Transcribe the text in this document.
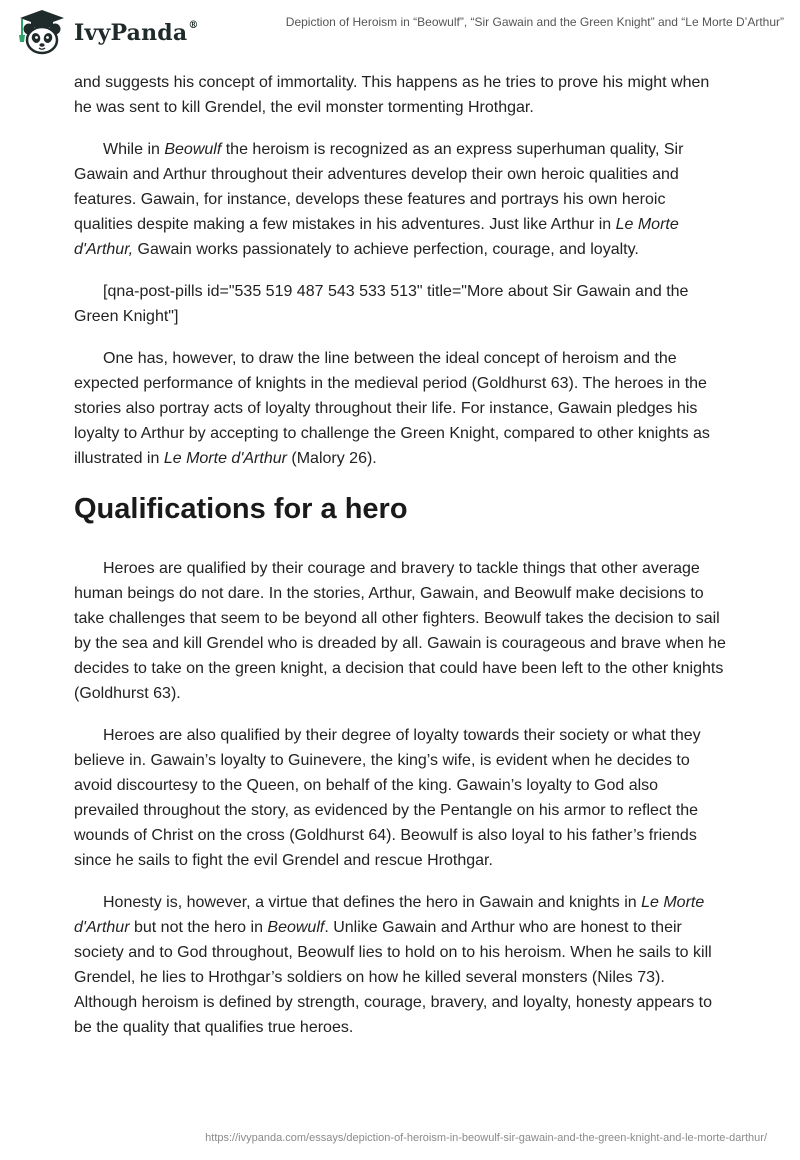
IvyPanda®	Depiction of Heroism in “Beowulf”, “Sir Gawain and the Green Knight” and “Le Morte D’Arthur”

and suggests his concept of immortality. This happens as he tries to prove his might when he was sent to kill Grendel, the evil monster tormenting Hrothgar.

While in Beowulf the heroism is recognized as an express superhuman quality, Sir Gawain and Arthur throughout their adventures develop their own heroic qualities and features. Gawain, for instance, develops these features and portrays his own heroic qualities despite making a few mistakes in his adventures. Just like Arthur in Le Morte d'Arthur, Gawain works passionately to achieve perfection, courage, and loyalty.

[qna-post-pills id="535 519 487 543 533 513" title="More about Sir Gawain and the Green Knight"]

One has, however, to draw the line between the ideal concept of heroism and the expected performance of knights in the medieval period (Goldhurst 63). The heroes in the stories also portray acts of loyalty throughout their life. For instance, Gawain pledges his loyalty to Arthur by accepting to challenge the Green Knight, compared to other knights as illustrated in Le Morte d'Arthur (Malory 26).

Qualifications for a hero

Heroes are qualified by their courage and bravery to tackle things that other average human beings do not dare. In the stories, Arthur, Gawain, and Beowulf make decisions to take challenges that seem to be beyond all other fighters. Beowulf takes the decision to sail by the sea and kill Grendel who is dreaded by all. Gawain is courageous and brave when he decides to take on the green knight, a decision that could have been left to the other knights (Goldhurst 63).

Heroes are also qualified by their degree of loyalty towards their society or what they believe in. Gawain’s loyalty to Guinevere, the king’s wife, is evident when he decides to avoid discourtesy to the Queen, on behalf of the king. Gawain’s loyalty to God also prevailed throughout the story, as evidenced by the Pentangle on his armor to reflect the wounds of Christ on the cross (Goldhurst 64). Beowulf is also loyal to his father’s friends since he sails to fight the evil Grendel and rescue Hrothgar.

Honesty is, however, a virtue that defines the hero in Gawain and knights in Le Morte d'Arthur but not the hero in Beowulf. Unlike Gawain and Arthur who are honest to their society and to God throughout, Beowulf lies to hold on to his heroism. When he sails to kill Grendel, he lies to Hrothgar’s soldiers on how he killed several monsters (Niles 73). Although heroism is defined by strength, courage, bravery, and loyalty, honesty appears to be the quality that qualifies true heroes.

https://ivypanda.com/essays/depiction-of-heroism-in-beowulf-sir-gawain-and-the-green-knight-and-le-morte-darthur/
